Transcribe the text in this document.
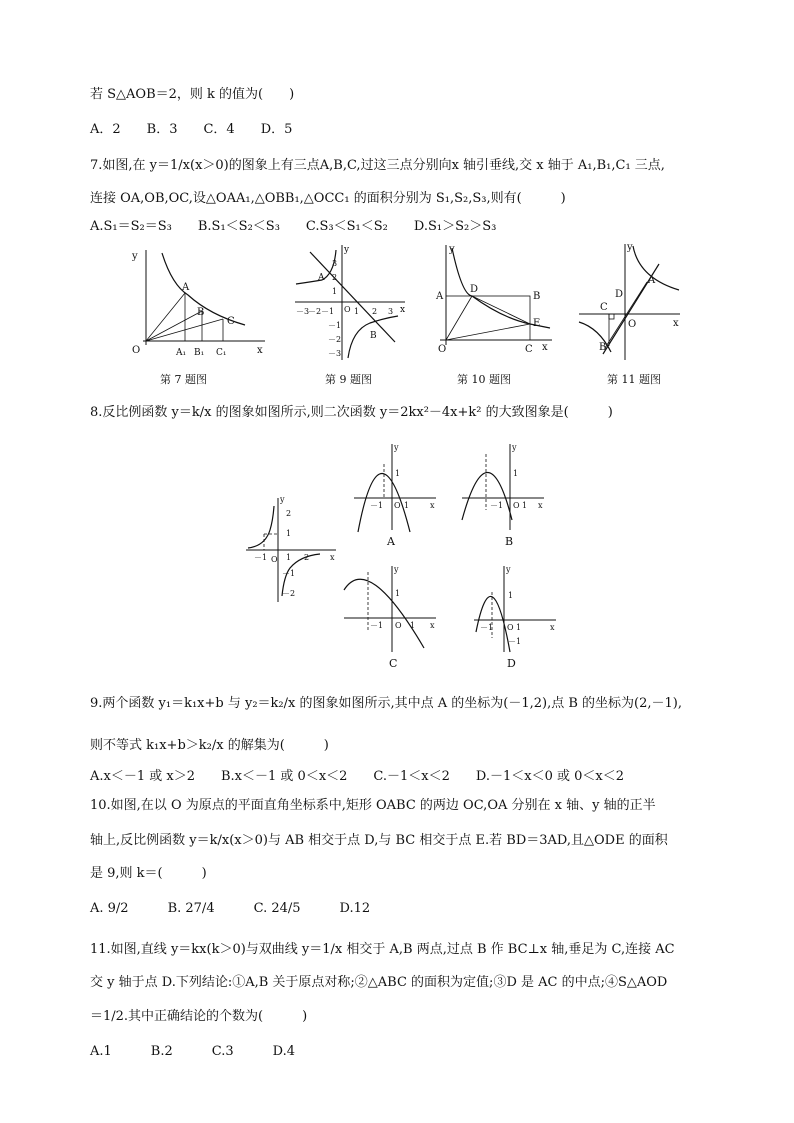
若 S△AOB＝2，则 k 的值为(　　)
A．2　　B．3　　C．4　　D．5
7.如图,在 y＝1/x(x＞0)的图象上有三点A,B,C,过这三点分别向x 轴引垂线,交 x 轴于 A₁,B₁,C₁ 三点,
连接 OA,OB,OC,设△OAA₁,△OBB₁,△OCC₁ 的面积分别为 S₁,S₂,S₃,则有(　　　)
A.S₁＝S₂＝S₃　　B.S₁＜S₂＜S₃　　C.S₃＜S₁＜S₂　　D.S₁＞S₂＞S₃
y
A
B
C
O	A₁ B₁ C₁	x
第 7 题图
y
A
B
O	x
3
2
1
－1
－2
－3
－3
－2 －1 1 2 3
第 9 题图
y
A
D
B
E
O	C x
第 10 题图
y
A
D
C
O
B
x
第 11 题图
8.反比例函数 y＝k/x 的图象如图所示,则二次函数 y＝2kx²－4x+k² 的大致图象是(　　　)
y
x
O
2
1
－1
－2
－1 1 2
y
x
O
1
－1	1
A
y
x
O
1
－1 1
B
y
x
O
1
－1	1
C
y
x
O
1
－1	1
－1
D
9.两个函数 y₁＝k₁x+b 与 y₂＝k₂/x 的图象如图所示,其中点 A 的坐标为(－1,2),点 B 的坐标为(2,－1),
则不等式 k₁x+b＞k₂/x 的解集为(　　　)
A.x＜－1 或 x＞2　　B.x＜－1 或 0＜x＜2　　C.－1＜x＜2　　D.－1＜x＜0 或 0＜x＜2
10.如图,在以 O 为原点的平面直角坐标系中,矩形 OABC 的两边 OC,OA 分别在 x 轴、y 轴的正半
轴上,反比例函数 y＝k/x(x＞0)与 AB 相交于点 D,与 BC 相交于点 E.若 BD＝3AD,且△ODE 的面积
是 9,则 k＝(　　　)
A. 9/2　　　B. 27/4　　　C. 24/5　　　D.12
11.如图,直线 y＝kx(k＞0)与双曲线 y＝1/x 相交于 A,B 两点,过点 B 作 BC⊥x 轴,垂足为 C,连接 AC
交 y 轴于点 D.下列结论:①A,B 关于原点对称;②△ABC 的面积为定值;③D 是 AC 的中点;④S△AOD
＝1/2.其中正确结论的个数为(　　　)
A.1　　　B.2　　　C.3　　　D.4
